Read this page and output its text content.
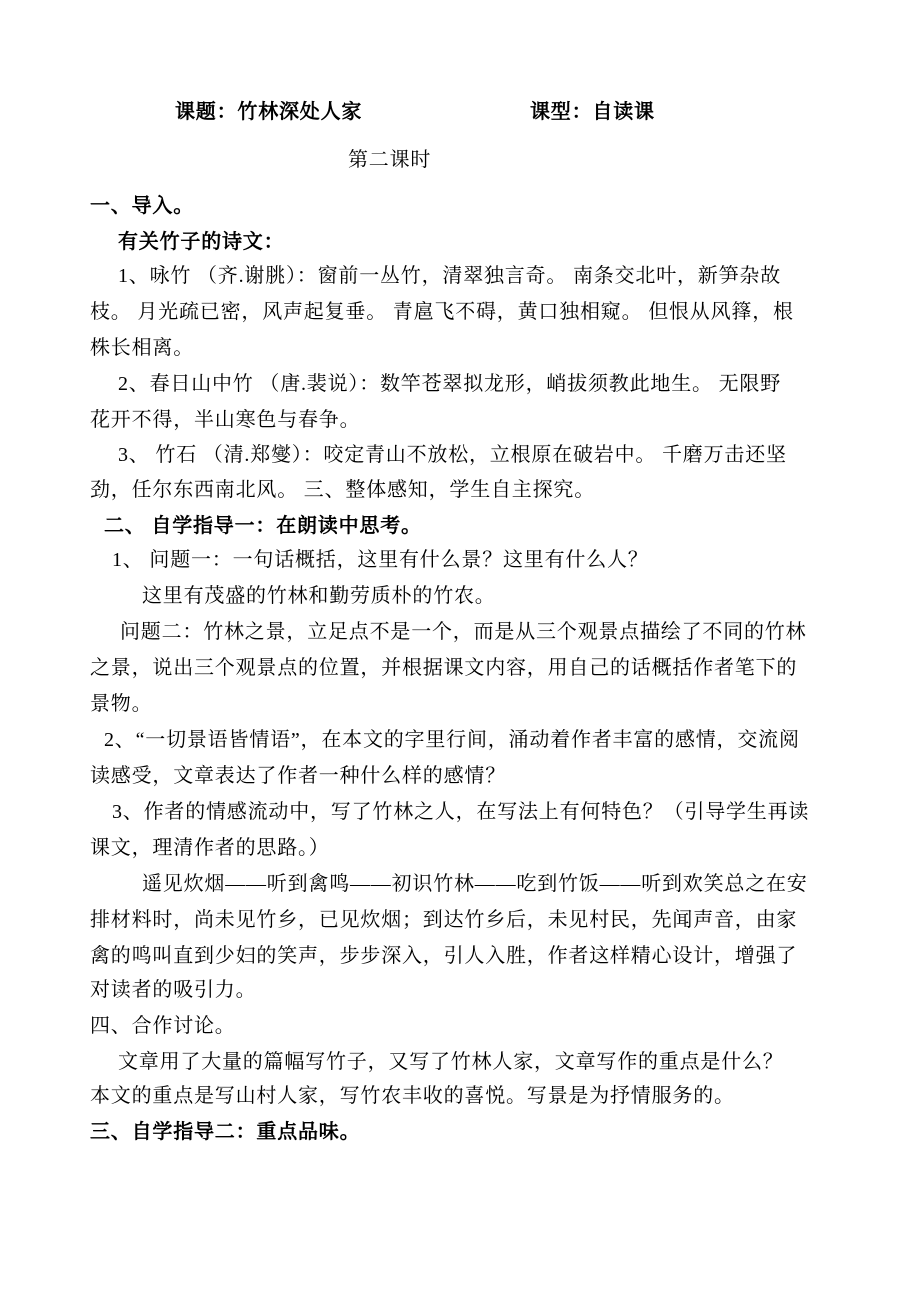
课题：竹林深处人家	课型：自读课
第二课时
一、导入。
有关竹子的诗文：
1、咏竹 （齐.谢朓）：窗前一丛竹，清翠独言奇。 南条交北叶，新笋杂故
枝。 月光疏已密，风声起复垂。 青扈飞不碍，黄口独相窥。 但恨从风箨，根
株长相离。
2、春日山中竹 （唐.裴说）：数竿苍翠拟龙形，峭拔须教此地生。 无限野
花开不得，半山寒色与春争。
3、 竹石 （清.郑燮）：咬定青山不放松，立根原在破岩中。 千磨万击还坚
劲，任尔东西南北风。 三、整体感知，学生自主探究。
二、 自学指导一：在朗读中思考。
1、 问题一：一句话概括，这里有什么景？这里有什么人？
这里有茂盛的竹林和勤劳质朴的竹农。
问题二：竹林之景，立足点不是一个，而是从三个观景点描绘了不同的竹林
之景，说出三个观景点的位置，并根据课文内容，用自己的话概括作者笔下的
景物。
2、“一切景语皆情语”，在本文的字里行间，涌动着作者丰富的感情，交流阅
读感受，文章表达了作者一种什么样的感情？
3、作者的情感流动中，写了竹林之人，在写法上有何特色？（引导学生再读
课文，理清作者的思路。）
遥见炊烟——听到禽鸣——初识竹林——吃到竹饭——听到欢笑总之在安
排材料时，尚未见竹乡，已见炊烟；到达竹乡后，未见村民，先闻声音，由家
禽的鸣叫直到少妇的笑声，步步深入，引人入胜，作者这样精心设计，增强了
对读者的吸引力。
四、合作讨论。
文章用了大量的篇幅写竹子，又写了竹林人家，文章写作的重点是什么？
本文的重点是写山村人家，写竹农丰收的喜悦。写景是为抒情服务的。
三、自学指导二：重点品味。
